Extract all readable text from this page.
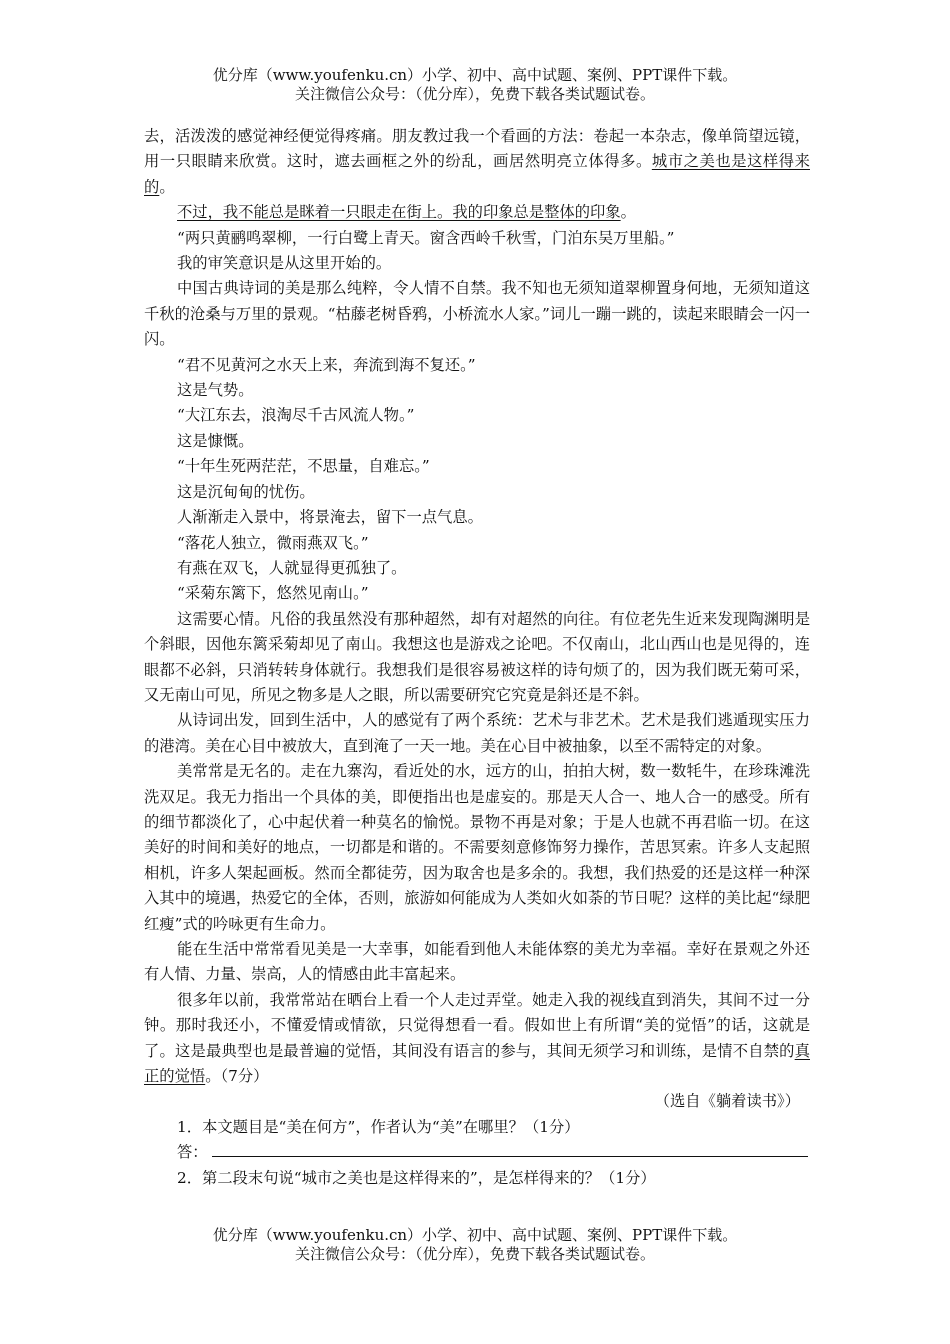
优分库（www.youfenku.cn）小学、初中、高中试题、案例、PPT课件下载。
关注微信公众号：（优分库），免费下载各类试题试卷。

去，活泼泼的感觉神经便觉得疼痛。朋友教过我一个看画的方法：卷起一本杂志，像单筒望远镜，用一只眼睛来欣赏。这时，遮去画框之外的纷乱，画居然明亮立体得多。城市之美也是这样得来的。

不过，我不能总是眯着一只眼走在街上。我的印象总是整体的印象。

“两只黄鹂鸣翠柳，一行白鹭上青天。窗含西岭千秋雪，门泊东吴万里船。”

我的审笑意识是从这里开始的。

中国古典诗词的美是那么纯粹，令人情不自禁。我不知也无须知道翠柳置身何地，无须知道这千秋的沧桑与万里的景观。“枯藤老树昏鸦，小桥流水人家。”词儿一蹦一跳的，读起来眼睛会一闪一闪。

“君不见黄河之水天上来，奔流到海不复还。”

这是气势。

“大江东去，浪淘尽千古风流人物。”

这是慷慨。

“十年生死两茫茫，不思量，自难忘。”

这是沉甸甸的忧伤。

人渐渐走入景中，将景淹去，留下一点气息。

“落花人独立，微雨燕双飞。”

有燕在双飞，人就显得更孤独了。

“采菊东篱下，悠然见南山。”

这需要心情。凡俗的我虽然没有那种超然，却有对超然的向往。有位老先生近来发现陶渊明是个斜眼，因他东篱采菊却见了南山。我想这也是游戏之论吧。不仅南山，北山西山也是见得的，连眼都不必斜，只消转转身体就行。我想我们是很容易被这样的诗句烦了的，因为我们既无菊可采，又无南山可见，所见之物多是人之眼，所以需要研究它究竟是斜还是不斜。

从诗词出发，回到生活中，人的感觉有了两个系统：艺术与非艺术。艺术是我们逃遁现实压力的港湾。美在心目中被放大，直到淹了一天一地。美在心目中被抽象，以至不需特定的对象。

美常常是无名的。走在九寨沟，看近处的水，远方的山，拍拍大树，数一数牦牛，在珍珠滩洗洗双足。我无力指出一个具体的美，即便指出也是虚妄的。那是天人合一、地人合一的感受。所有的细节都淡化了，心中起伏着一种莫名的愉悦。景物不再是对象；于是人也就不再君临一切。在这美好的时间和美好的地点，一切都是和谐的。不需要刻意修饰努力操作，苦思冥索。许多人支起照相机，许多人架起画板。然而全都徒劳，因为取舍也是多余的。我想，我们热爱的还是这样一种深入其中的境遇，热爱它的全体，否则，旅游如何能成为人类如火如荼的节日呢？这样的美比起“绿肥红瘦”式的吟咏更有生命力。

能在生活中常常看见美是一大幸事，如能看到他人未能体察的美尤为幸福。幸好在景观之外还有人情、力量、崇高，人的情感由此丰富起来。

很多年以前，我常常站在晒台上看一个人走过弄堂。她走入我的视线直到消失，其间不过一分钟。那时我还小，不懂爱情或情欲，只觉得想看一看。假如世上有所谓“美的觉悟”的话，这就是了。这是最典型也是最普遍的觉悟，其间没有语言的参与，其间无须学习和训练，是情不自禁的真正的觉悟。（7分）

（选自《躺着读书》）

1．本文题目是“美在何方”，作者认为“美”在哪里？（1分）

答：

2．第二段末句说“城市之美也是这样得来的”，是怎样得来的？（1分）

优分库（www.youfenku.cn）小学、初中、高中试题、案例、PPT课件下载。
关注微信公众号：（优分库），免费下载各类试题试卷。
